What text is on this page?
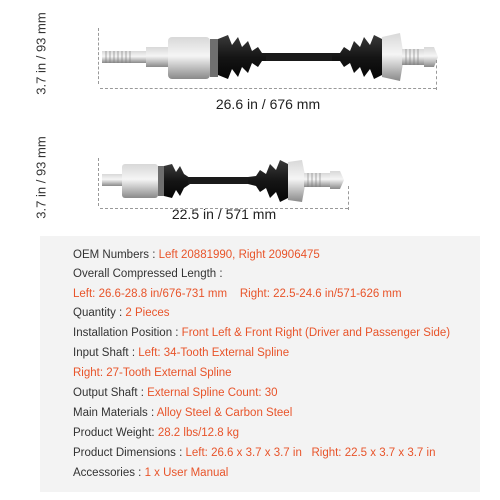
3.7 in / 93 mm
26.6 in / 676 mm
3.7 in / 93 mm	22.5 in / 571 mm
OEM Numbers : Left 20881990, Right 20906475
Overall Compressed Length :
Left: 26.6-28.8 in/676-731 mm Right: 22.5-24.6 in/571-626 mm
Quantity : 2 Pieces
Installation Position : Front Left & Front Right (Driver and Passenger Side)
Input Shaft : Left: 34-Tooth External Spline
Right: 27-Tooth External Spline
Output Shaft : External Spline Count: 30
Main Materials : Alloy Steel & Carbon Steel
Product Weight: 28.2 lbs/12.8 kg
Product Dimensions : Left: 26.6 x 3.7 x 3.7 in Right: 22.5 x 3.7 x 3.7 in
Accessories : 1 x User Manual
